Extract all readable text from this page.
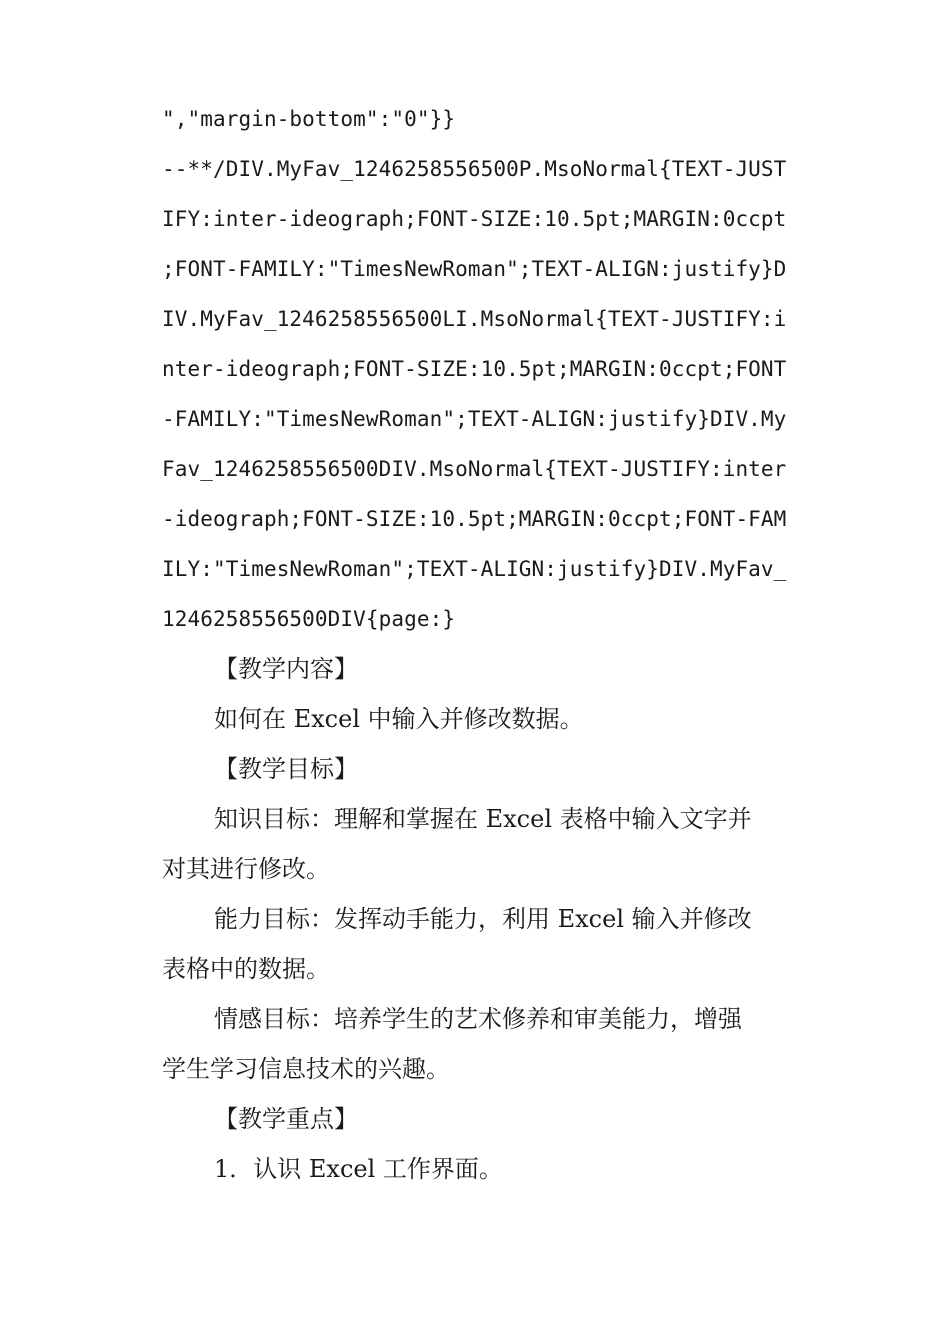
","margin-bottom":"0"}}
--**/DIV.MyFav_1246258556500P.MsoNormal{TEXT-JUST
IFY:inter-ideograph;FONT-SIZE:10.5pt;MARGIN:0ccpt
;FONT-FAMILY:"TimesNewRoman";TEXT-ALIGN:justify}D
IV.MyFav_1246258556500LI.MsoNormal{TEXT-JUSTIFY:i
nter-ideograph;FONT-SIZE:10.5pt;MARGIN:0ccpt;FONT
-FAMILY:"TimesNewRoman";TEXT-ALIGN:justify}DIV.My
Fav_1246258556500DIV.MsoNormal{TEXT-JUSTIFY:inter
-ideograph;FONT-SIZE:10.5pt;MARGIN:0ccpt;FONT-FAM
ILY:"TimesNewRoman";TEXT-ALIGN:justify}DIV.MyFav_
1246258556500DIV{page:}
【教学内容】
如何在 Excel 中输入并修改数据。
【教学目标】
知识目标：理解和掌握在 Excel 表格中输入文字并
对其进行修改。
能力目标：发挥动手能力，利用 Excel 输入并修改
表格中的数据。
情感目标：培养学生的艺术修养和审美能力，增强
学生学习信息技术的兴趣。
【教学重点】
1．认识 Excel 工作界面。
